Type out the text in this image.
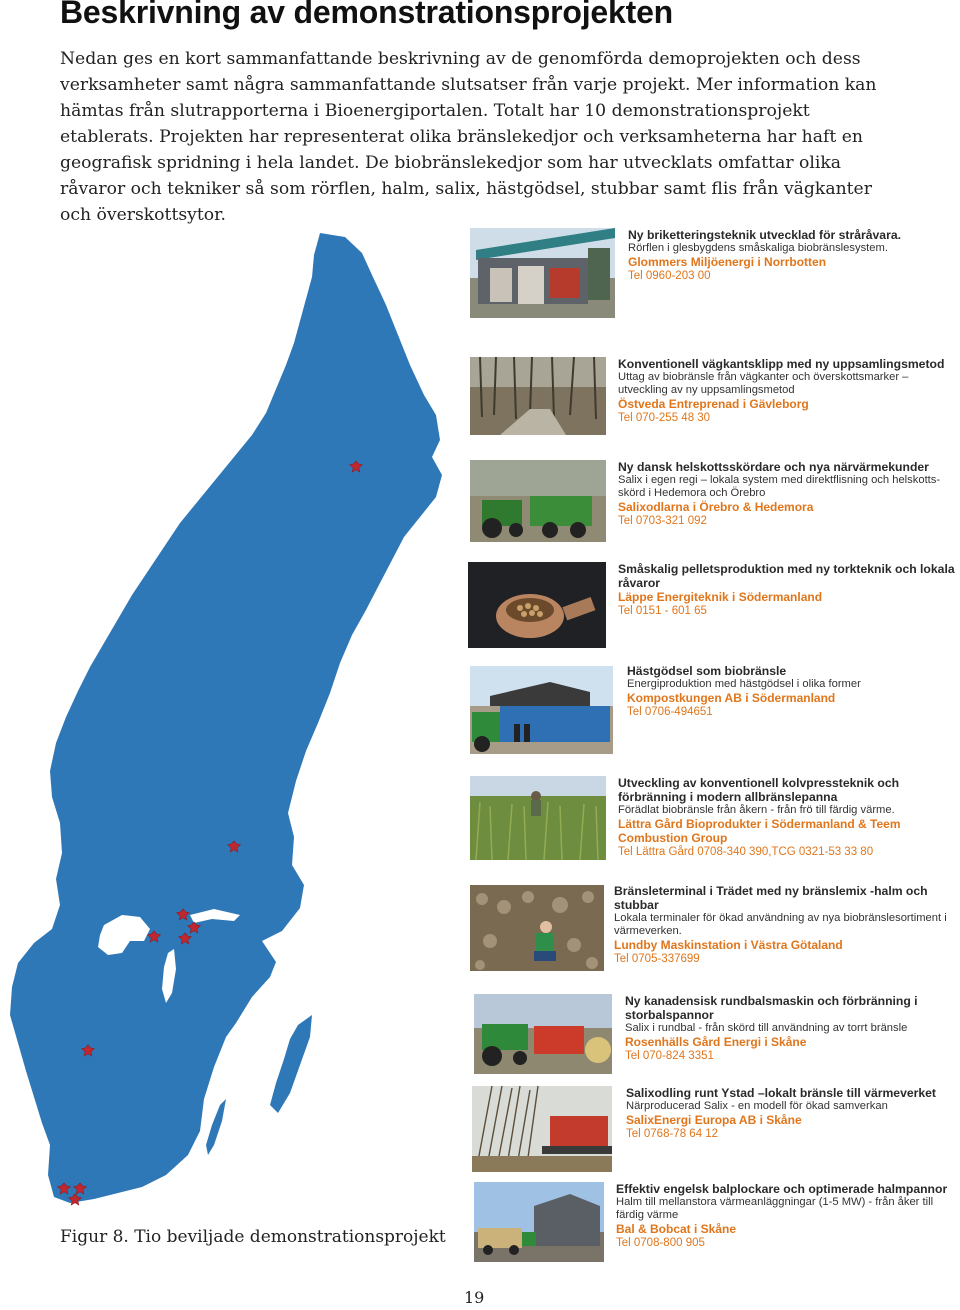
Beskrivning av demonstrationsprojekten

Nedan ges en kort sammanfattande beskrivning av de genomförda demoprojekten och dess verksamheter samt några sammanfattande slutsatser från varje projekt. Mer information kan hämtas från slutrapporterna i Bioenergiportalen. Totalt har 10 demonstrationsprojekt etablerats. Projekten har representerat olika bränslekedjor och verksamheterna har haft en geografisk spridning i hela landet. De biobränslekedjor som har utvecklats omfattar olika råvaror och tekniker så som rörflen, halm, salix, hästgödsel, stubbar samt flis från vägkanter och överskottsytor.

Ny briketteringsteknik utvecklad för stråråvara.
Rörflen i glesbygdens småskaliga biobränslesystem.
Glommers Miljöenergi i Norrbotten
Tel 0960-203 00
Konventionell vägkantsklipp med ny uppsamlingsmetod
Uttag av biobränsle från vägkanter och överskottsmarker – utveckling av ny uppsamlingsmetod
Östveda Entreprenad i Gävleborg
Tel 070-255 48 30
Ny dansk helskottsskördare och nya närvärmekunder
Salix i egen regi – lokala system med direktflisning och helskotts-skörd i Hedemora och Örebro
Salixodlarna i Örebro & Hedemora
Tel 0703-321 092
Småskalig pelletsproduktion med ny torkteknik och lokala råvaror
Läppe Energiteknik i Södermanland
Tel 0151 - 601 65
Hästgödsel som biobränsle
Energiproduktion med hästgödsel i olika former
Kompostkungen AB i Södermanland
Tel 0706-494651
Utveckling av konventionell kolvpressteknik och förbränning i modern allbränslepanna
Förädlat biobränsle från åkern - från frö till färdig värme.
Lättra Gård Bioprodukter i Södermanland & Teem Combustion Group
Tel Lättra Gård 0708-340 390,TCG 0321-53 33 80
Bränsleterminal i Trädet med ny bränslemix -halm och stubbar
Lokala terminaler för ökad användning av nya biobränslesortiment i värmeverken.
Lundby Maskinstation i Västra Götaland
Tel 0705-337699
Ny kanadensisk rundbalsmaskin och förbränning i storbalspannor
Salix i rundbal - från skörd till användning av torrt bränsle
Rosenhälls Gård Energi i Skåne
Tel 070-824 3351
Salixodling runt Ystad –lokalt bränsle till värmeverket
Närproducerad Salix - en modell för ökad samverkan
SalixEnergi Europa AB i Skåne
Tel 0768-78 64 12
Effektiv engelsk balplockare och optimerade halmpannor
Halm till mellanstora värmeanläggningar (1-5 MW) - från åker till färdig värme
Bal & Bobcat i Skåne
Tel 0708-800 905

Figur 8. Tio beviljade demonstrationsprojekt

19
